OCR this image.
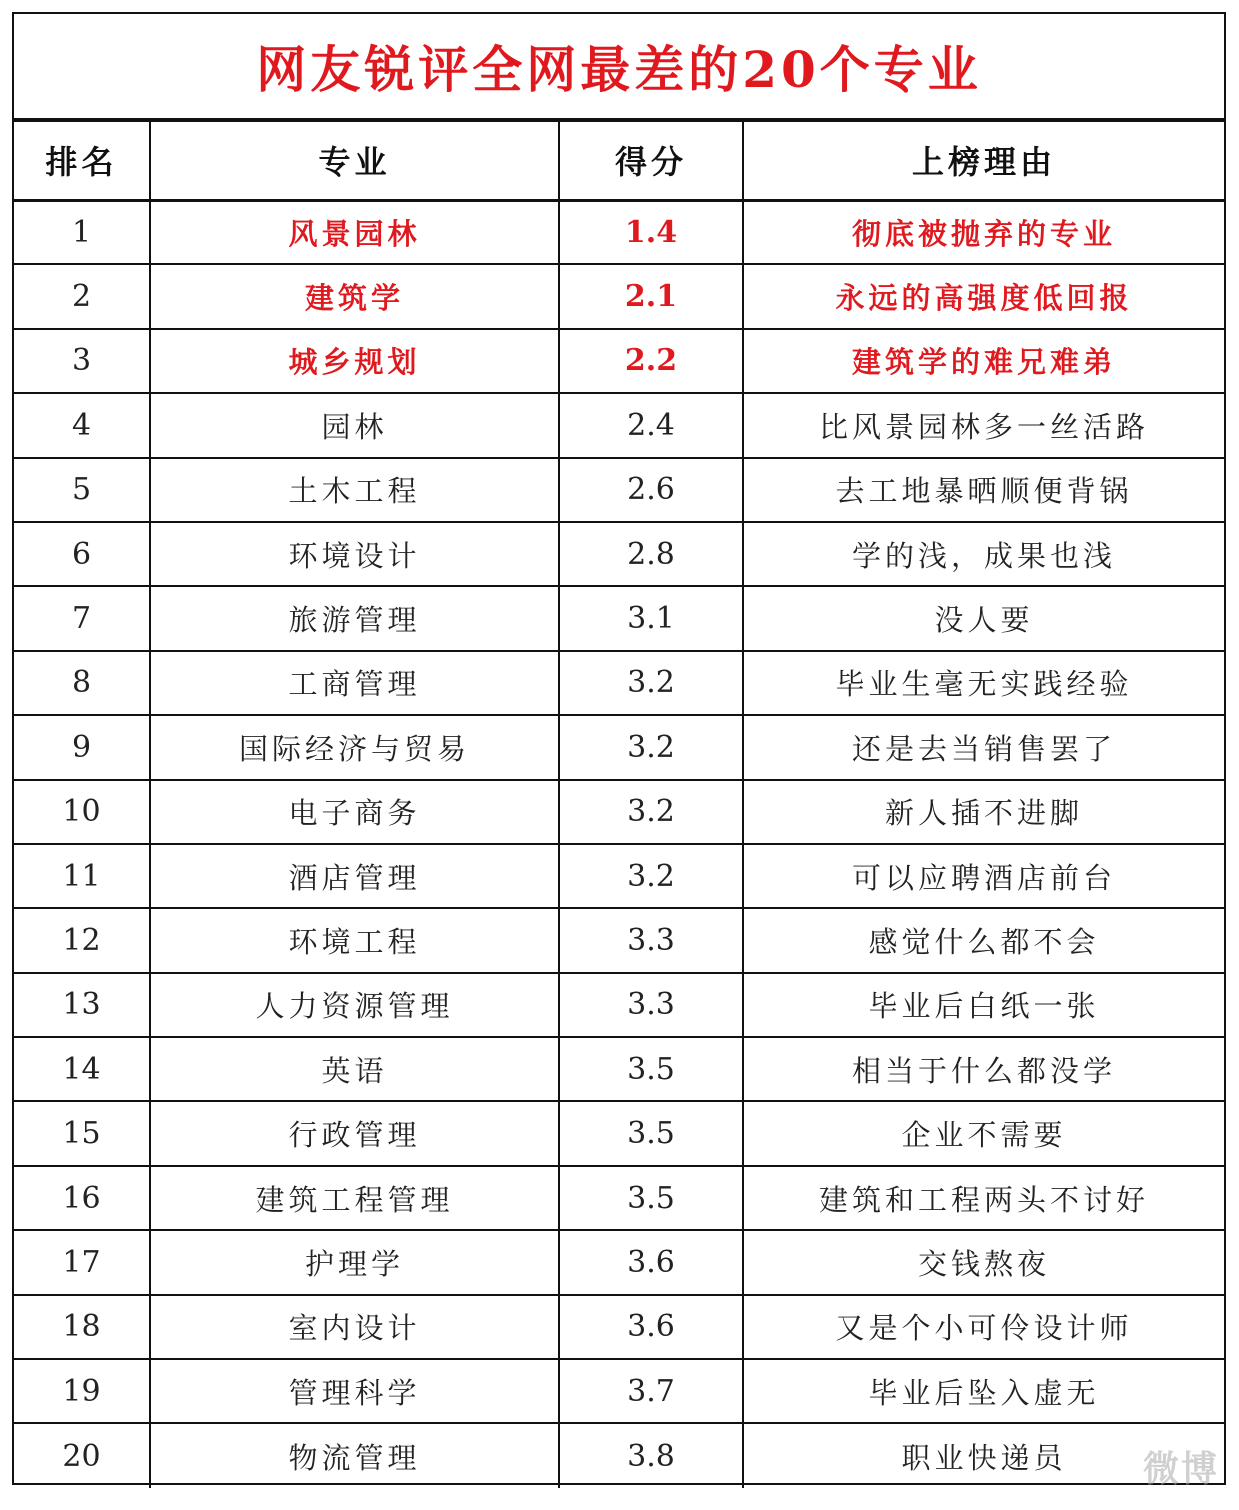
网友锐评全网最差的20个专业
排名	专业	得分	上榜理由
1	风景园林	1.4	彻底被抛弃的专业
2	建筑学	2.1	永远的高强度低回报
3	城乡规划	2.2	建筑学的难兄难弟
4	园林	2.4	比风景园林多一丝活路
5	土木工程	2.6	去工地暴晒顺便背锅
6	环境设计	2.8	学的浅，成果也浅
7	旅游管理	3.1	没人要
8	工商管理	3.2	毕业生毫无实践经验
9	国际经济与贸易	3.2	还是去当销售罢了
10	电子商务	3.2	新人插不进脚
11	酒店管理	3.2	可以应聘酒店前台
12	环境工程	3.3	感觉什么都不会
13	人力资源管理	3.3	毕业后白纸一张
14	英语	3.5	相当于什么都没学
15	行政管理	3.5	企业不需要
16	建筑工程管理	3.5	建筑和工程两头不讨好
17	护理学	3.6	交钱熬夜
18	室内设计	3.6	又是个小可伶设计师
19	管理科学	3.7	毕业后坠入虚无
20	物流管理	3.8	职业快递员 微博
